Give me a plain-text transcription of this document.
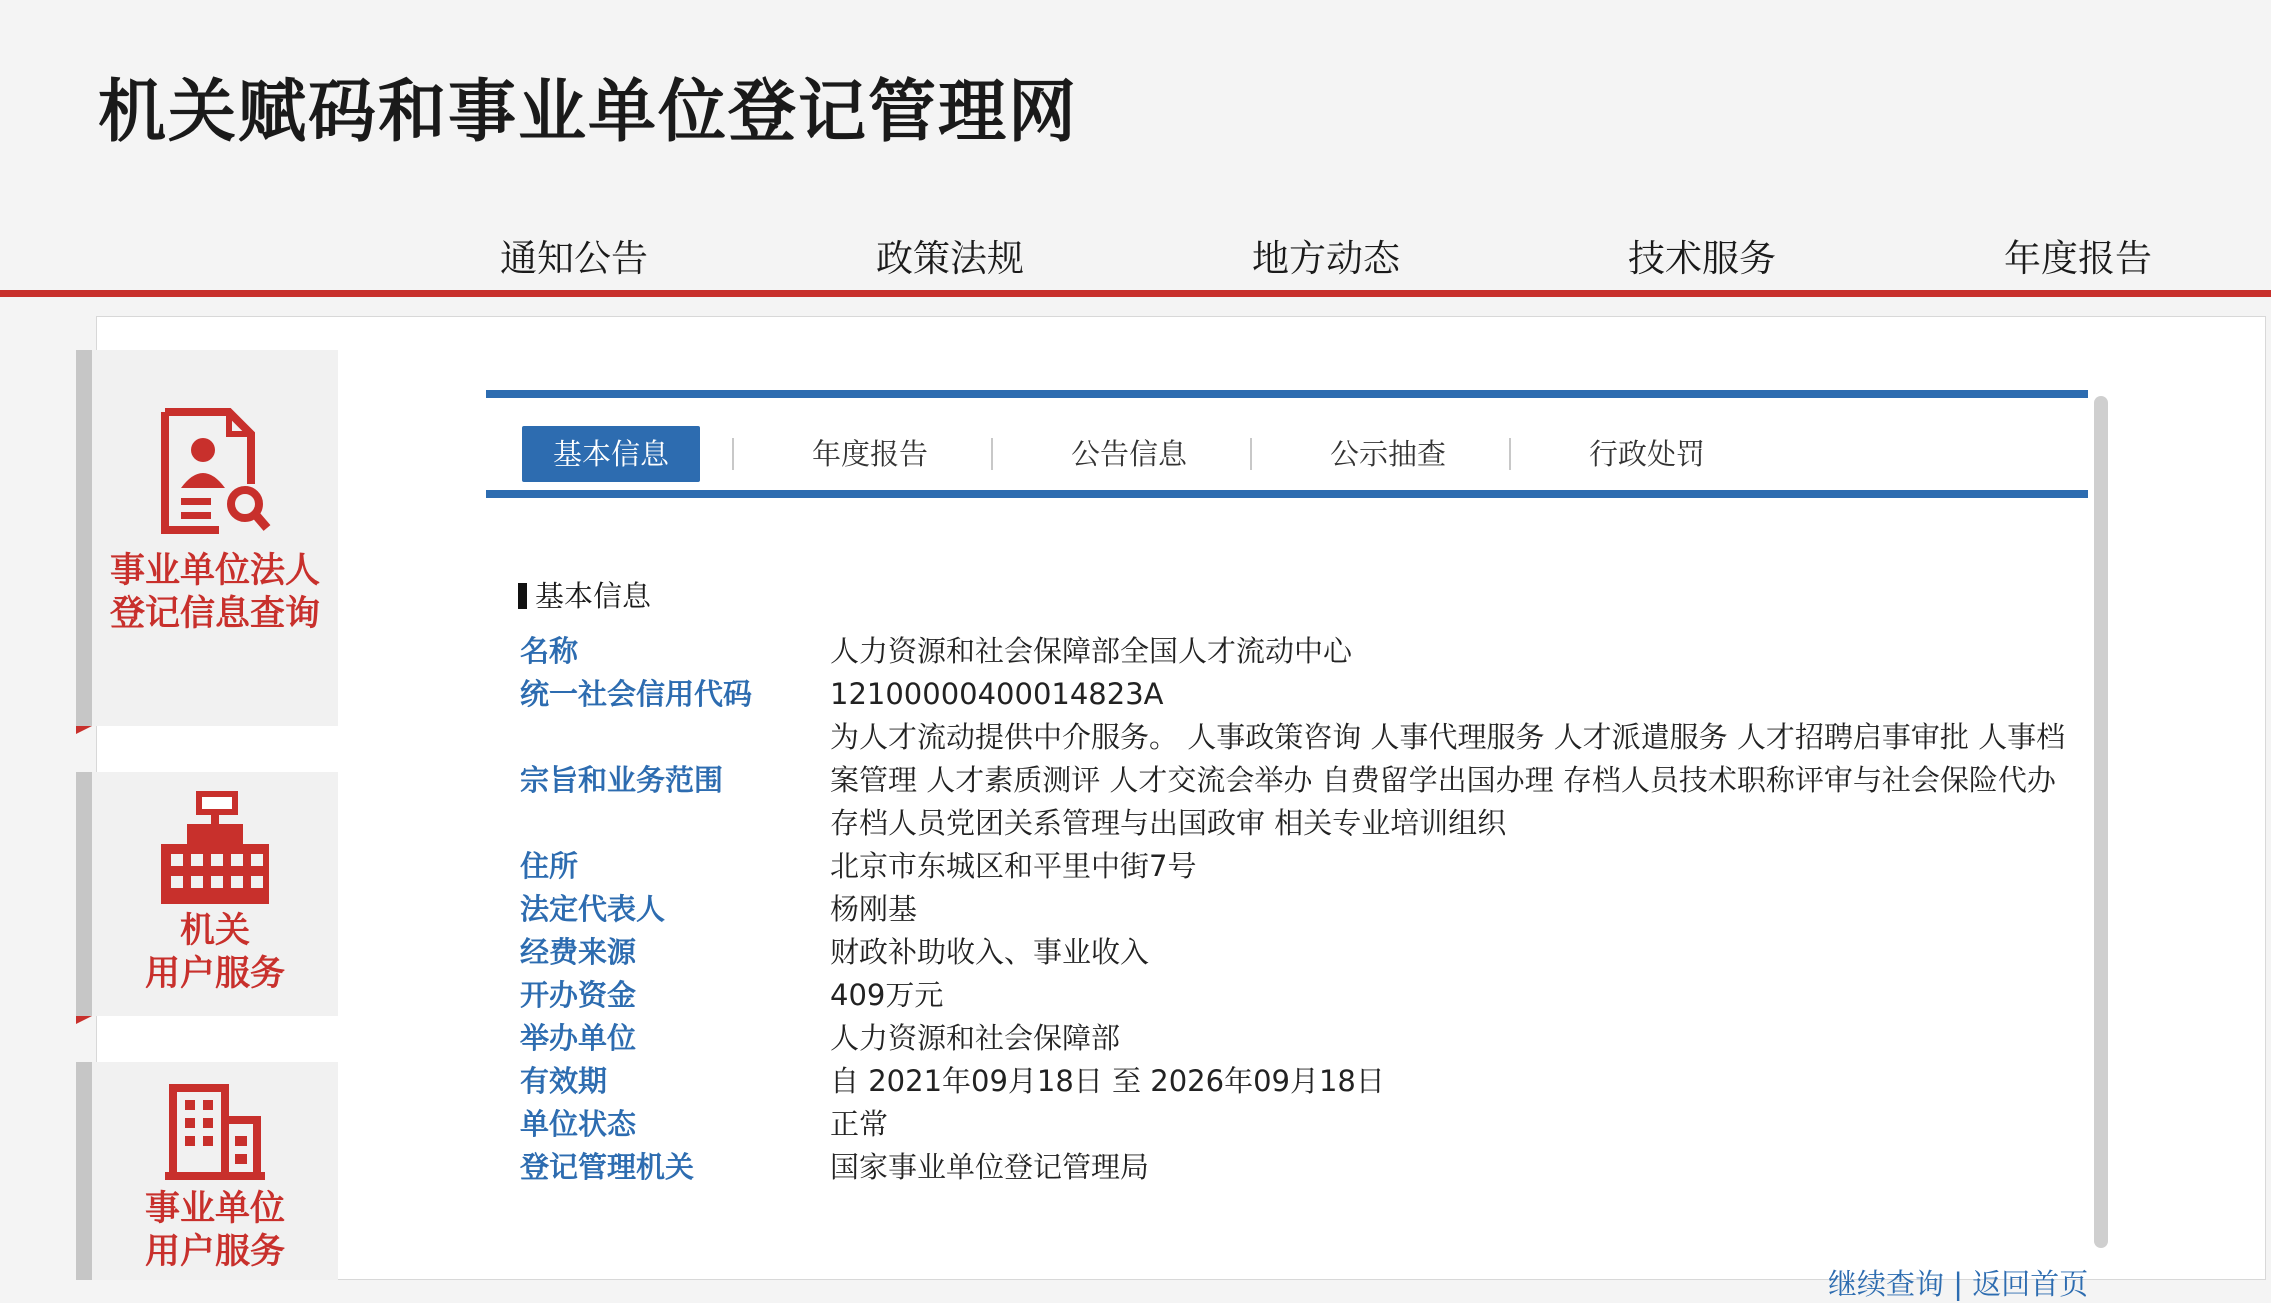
机关赋码和事业单位登记管理网
通知公告	政策法规	地方动态	技术服务	年度报告
事业单位法人
登记信息查询
机关
用户服务
事业单位
用户服务
基本信息	年度报告	公告信息	公示抽查	行政处罚
基本信息
名称	人力资源和社会保障部全国人才流动中心
统一社会信用代码	12100000400014823A
宗旨和业务范围
为人才流动提供中介服务。 人事政策咨询 人事代理服务 人才派遣服务 人才招聘启事审批 人事档案管理 人才素质测评 人才交流会举办 自费留学出国办理 存档人员技术职称评审与社会保险代办 存档人员党团关系管理与出国政审 相关专业培训组织
住所	北京市东城区和平里中街7号
法定代表人	杨刚基
经费来源	财政补助收入、事业收入
开办资金	409万元
举办单位	人力资源和社会保障部
有效期	自 2021年09月18日 至 2026年09月18日
单位状态	正常
登记管理机关	国家事业单位登记管理局
继续查询 | 返回首页
